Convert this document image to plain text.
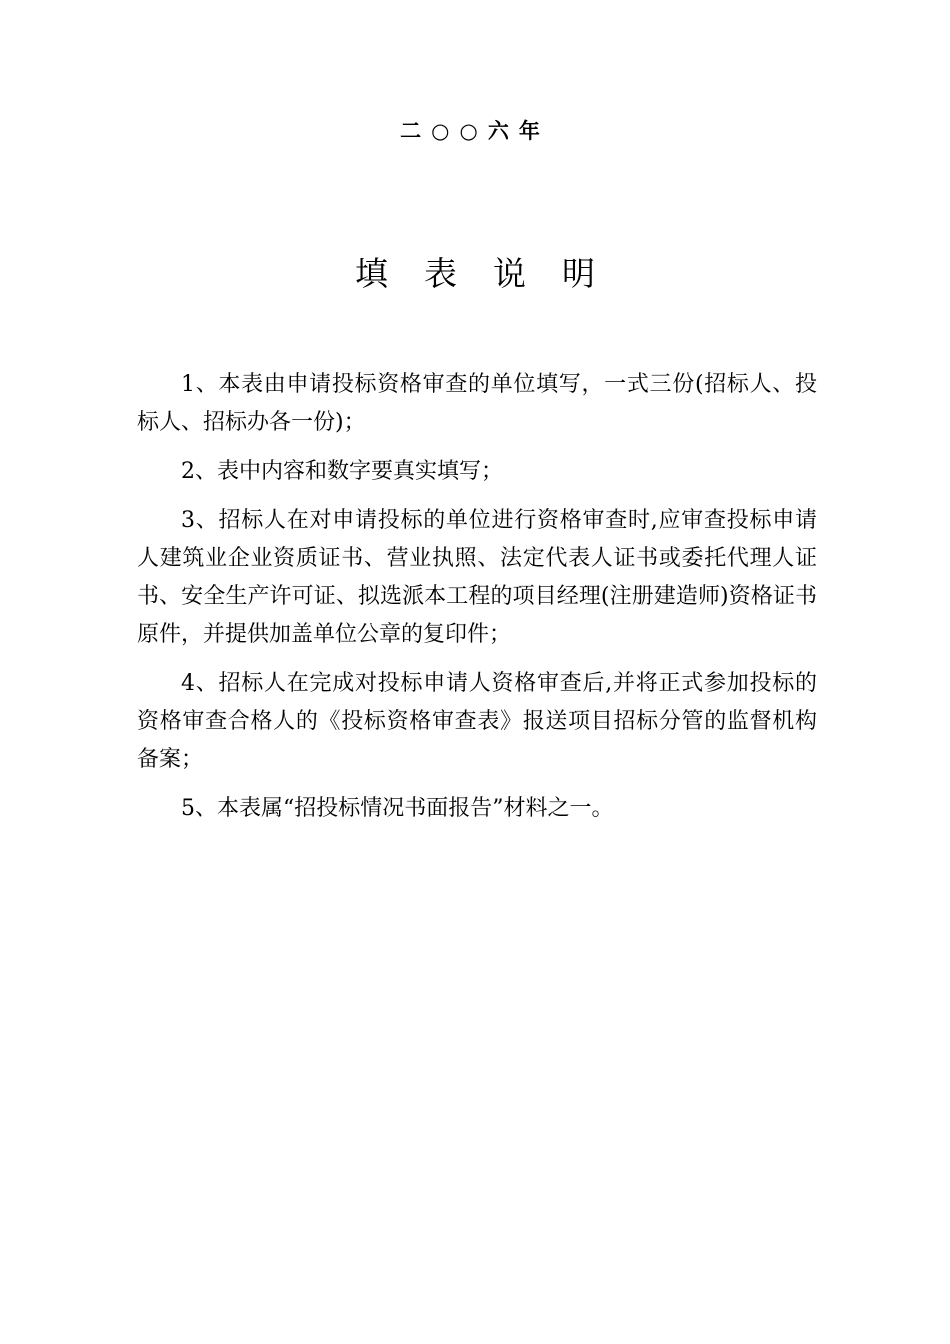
二○○六年
填表说明

1、本表由申请投标资格审查的单位填写，一式三份(招标人、投标人、招标办各一份)；

2、表中内容和数字要真实填写；

3、招标人在对申请投标的单位进行资格审查时,应审查投标申请人建筑业企业资质证书、营业执照、法定代表人证书或委托代理人证书、安全生产许可证、拟选派本工程的项目经理(注册建造师)资格证书原件，并提供加盖单位公章的复印件；

4、招标人在完成对投标申请人资格审查后,并将正式参加投标的资格审查合格人的《投标资格审查表》报送项目招标分管的监督机构备案；

5、本表属“招投标情况书面报告”材料之一。
